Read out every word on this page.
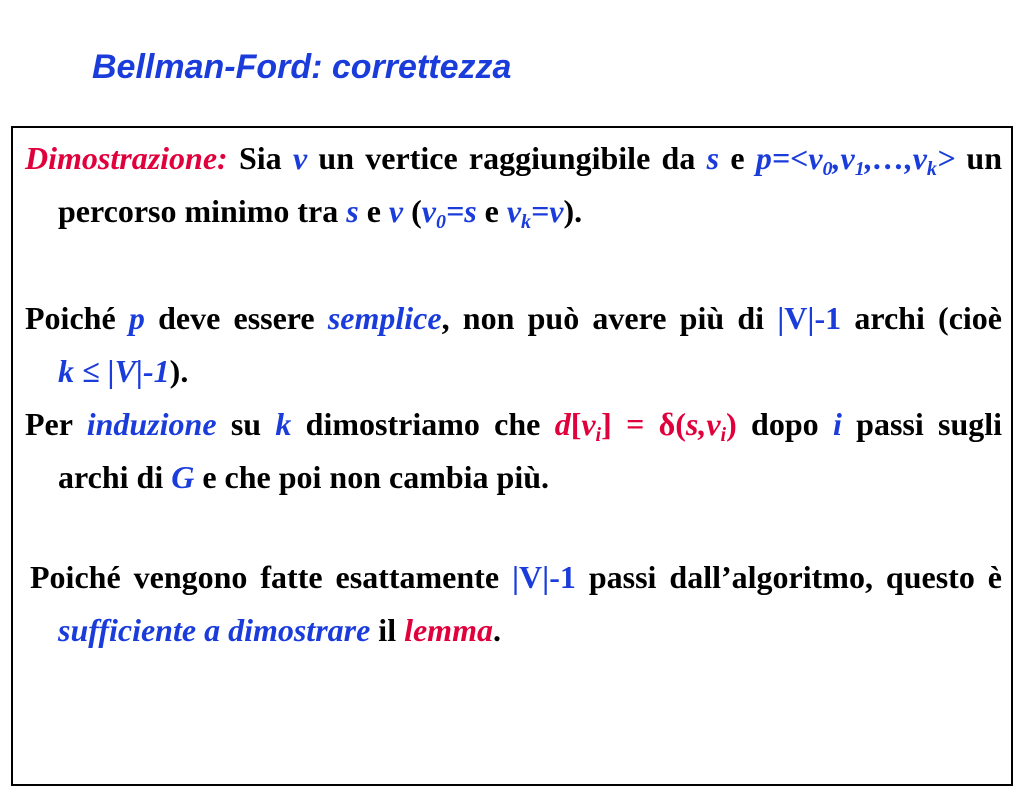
Bellman-Ford: correttezza
Dimostrazione: Sia v un vertice raggiungibile da s e $p=<v_0,v_1,\dots,v_k>$ un percorso minimo tra s e v ($v_0=s$ e $v_k=v$).
Poiché p deve essere semplice, non può avere più di |V|-1 archi (cioè k ≤ |V|-1).
Per induzione su k dimostriamo che $d[v_i] = \delta(s,v_i)$ dopo i passi sugli archi di G e che poi non cambia più.
Poiché vengono fatte esattamente |V|-1 passi dall’algoritmo, questo è sufficiente a dimostrare il lemma.
